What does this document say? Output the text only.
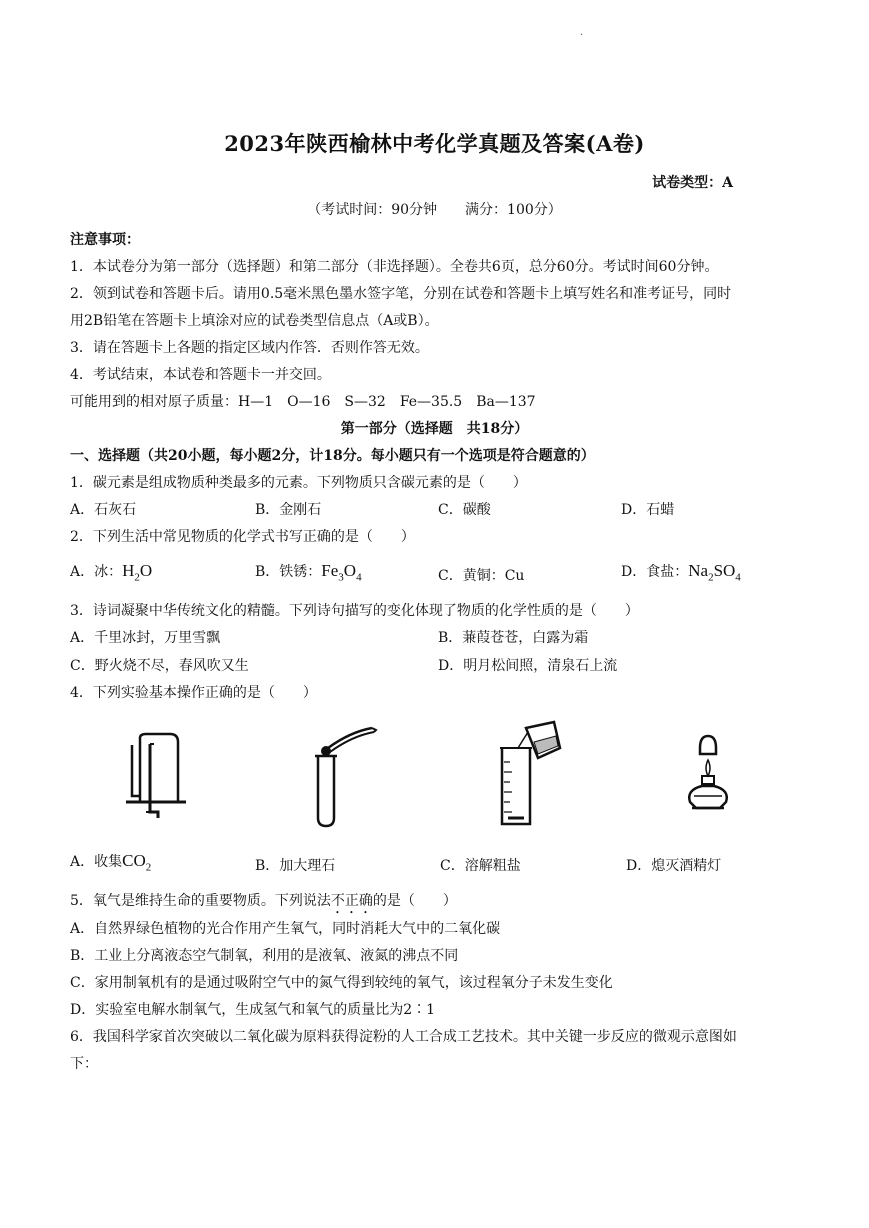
·
2023年陕西榆林中考化学真题及答案(A卷)
试卷类型：A
（考试时间：90分钟 满分：100分）
注意事项：
1．本试卷分为第一部分（选择题）和第二部分（非选择题）。全卷共6页，总分60分。考试时间60分钟。
2．领到试卷和答题卡后。请用0.5毫米黑色墨水签字笔，分别在试卷和答题卡上填写姓名和准考证号，同时
用2B铅笔在答题卡上填涂对应的试卷类型信息点（A或B）。
3．请在答题卡上各题的指定区域内作答．否则作答无效。
4．考试结束，本试卷和答题卡一并交回。
可能用到的相对原子质量：H—1　O—16　S—32　Fe—35.5　Ba—137
第一部分（选择题　共18分）
一、选择题（共20小题，每小题2分，计18分。每小题只有一个选项是符合题意的）
1．碳元素是组成物质种类最多的元素。下列物质只含碳元素的是（　　）
A．石灰石	B．金刚石	C．碳酸	D．石蜡
2．下列生活中常见物质的化学式书写正确的是（　　）
A．冰：$H_2O$	B．铁锈：$Fe_3O_4$	C．黄铜：Cu	D．食盐：$Na_2SO_4$
3．诗词凝聚中华传统文化的精髓。下列诗句描写的变化体现了物质的化学性质的是（　　）
A．千里冰封，万里雪飘	B．蒹葭苍苍，白露为霜
C．野火烧不尽，春风吹又生	D．明月松间照，清泉石上流
4．下列实验基本操作正确的是（　　）
A．收集$CO_2$	B．加大理石	C．溶解粗盐	D．熄灭酒精灯
5．氧气是维持生命的重要物质。下列说法不正确的是（　　）
A．自然界绿色植物的光合作用产生氧气，同时消耗大气中的二氧化碳
B．工业上分离液态空气制氧，利用的是液氧、液氮的沸点不同
C．家用制氧机有的是通过吸附空气中的氮气得到较纯的氧气，该过程氧分子未发生变化
D．实验室电解水制氧气，生成氢气和氧气的质量比为2∶1
6．我国科学家首次突破以二氧化碳为原料获得淀粉的人工合成工艺技术。其中关键一步反应的微观示意图如
下：
